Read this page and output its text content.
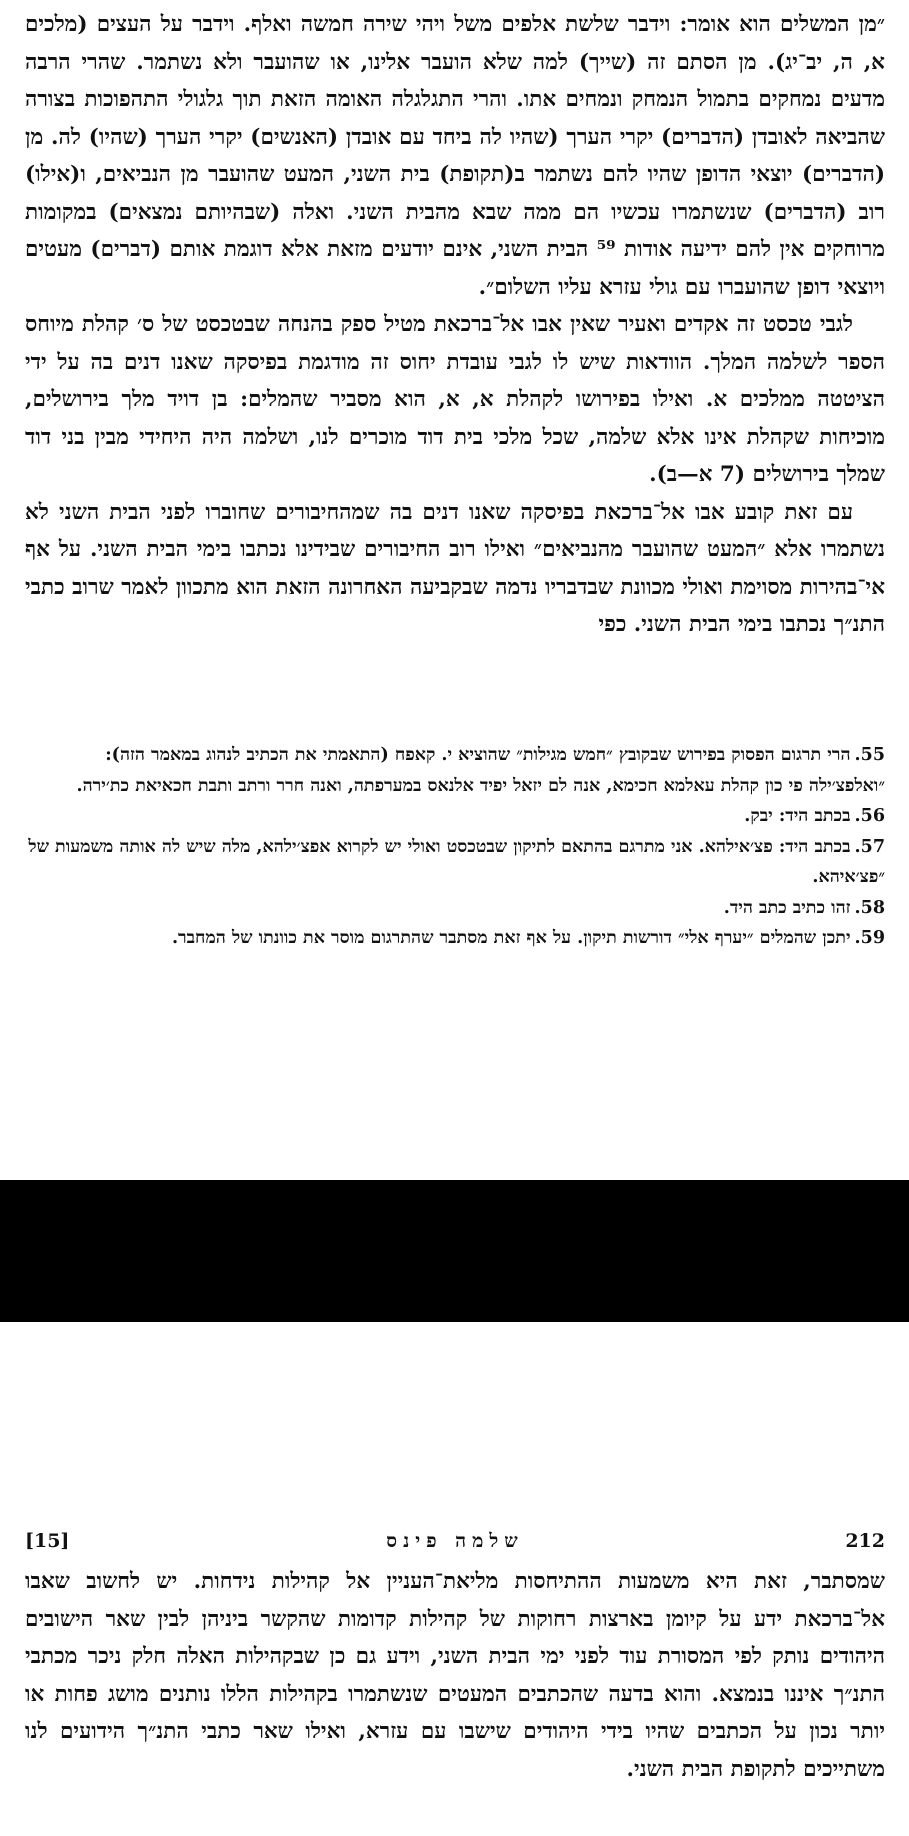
״מן המשלים הוא אומר: וידבר שלשת אלפים משל ויהי שירה חמשה ואלף. וידבר על העצים (מלכים א, ה, יב־יג). מן הסתם זה (שייך) למה שלא הועבר אלינו, או שהועבר ולא נשתמר. שהרי הרבה מדעים נמחקים בתמול הנמחק ונמחים אתו. והרי התגלגלה האומה הזאת תוך גלגולי התהפוכות בצורה שהביאה לאובדן (הדברים) יקרי הערך (שהיו לה ביחד עם אובדן (האנשים) יקרי הערך (שהיו) לה. מן (הדברים) יוצאי הדופן שהיו להם נשתמר ב(תקופת) בית השני, המעט שהועבר מן הנביאים, ו(אילו) רוב (הדברים) שנשתמרו עכשיו הם ממה שבא מהבית השני. ואלה (שבהיותם נמצאים) במקומות מרוחקים אין להם ידיעה אודות ⁵⁹ הבית השני, אינם יודעים מזאת אלא דוגמת אותם (דברים) מעטים ויוצאי דופן שהועברו עם גולי עזרא עליו השלום״.

לגבי טכסט זה אקדים ואעיר שאין אבו אל־ברכאת מטיל ספק בהנחה שבטכסט של ס׳ קהלת מיוחס הספר לשלמה המלך. הוודאות שיש לו לגבי עובדת יחוס זה מודגמת בפיסקה שאנו דנים בה על ידי הציטטה ממלכים א. ואילו בפירושו לקהלת א, א, הוא מסביר שהמלים: בן דויד מלך בירושלים, מוכיחות שקהלת אינו אלא שלמה, שכל מלכי בית דוד מוכרים לנו, ושלמה היה היחידי מבין בני דוד שמלך בירושלים (7 א—ב).

עם זאת קובע אבו אל־ברכאת בפיסקה שאנו דנים בה שמהחיבורים שחוברו לפני הבית השני לא נשתמרו אלא ״המעט שהועבר מהנביאים״ ואילו רוב החיבורים שבידינו נכתבו בימי הבית השני. על אף אי־בהירות מסוימת ואולי מכוונת שבדבריו נדמה שבקביעה האחרונה הזאת הוא מתכוון לאמר שרוב כתבי התנ״ך נכתבו בימי הבית השני. כפי

55.הרי תרגום הפסוק בפירוש שבקובץ ״חמש מגילות״ שהוציא י. קאפח (התאמתי את הכתיב לנהוג במאמר הזה): ״ואלפצ׳ילה פי כון קהלת עאלמא חכימא, אנה לם יזאל יפיד אלנאס במערפתה, ואנה חרר ורתב ותבת חכאיאת כת׳ירה.

56.בכתב היד: יבק.

57.בכתב היד: פצ׳אילהא. אני מתרגם בהתאם לתיקון שבטכסט ואולי יש לקרוא אפצ׳ילהא, מלה שיש לה אותה משמעות של ״פצ׳איהא.

58.זהו כתיב כתב היד.

59.יתכן שהמלים ״יערף אלי״ דורשות תיקון. על אף זאת מסתבר שהתרגום מוסר את כוונתו של המחבר.

[15]	שלמה פינס	212

שמסתבר, זאת היא משמעות ההתיחסות מליאת־העניין אל קהילות נידחות. יש לחשוב שאבו אל־ברכאת ידע על קיומן בארצות רחוקות של קהילות קדומות שהקשר ביניהן לבין שאר הישובים היהודים נותק לפי המסורת עוד לפני ימי הבית השני, וידע גם כן שבקהילות האלה חלק ניכר מכתבי התנ״ך איננו בנמצא. והוא בדעה שהכתבים המעטים שנשתמרו בקהילות הללו נותנים מושג פחות או יותר נכון על הכתבים שהיו בידי היהודים שישבו עם עזרא, ואילו שאר כתבי התנ״ך הידועים לנו משתייכים לתקופת הבית השני.
